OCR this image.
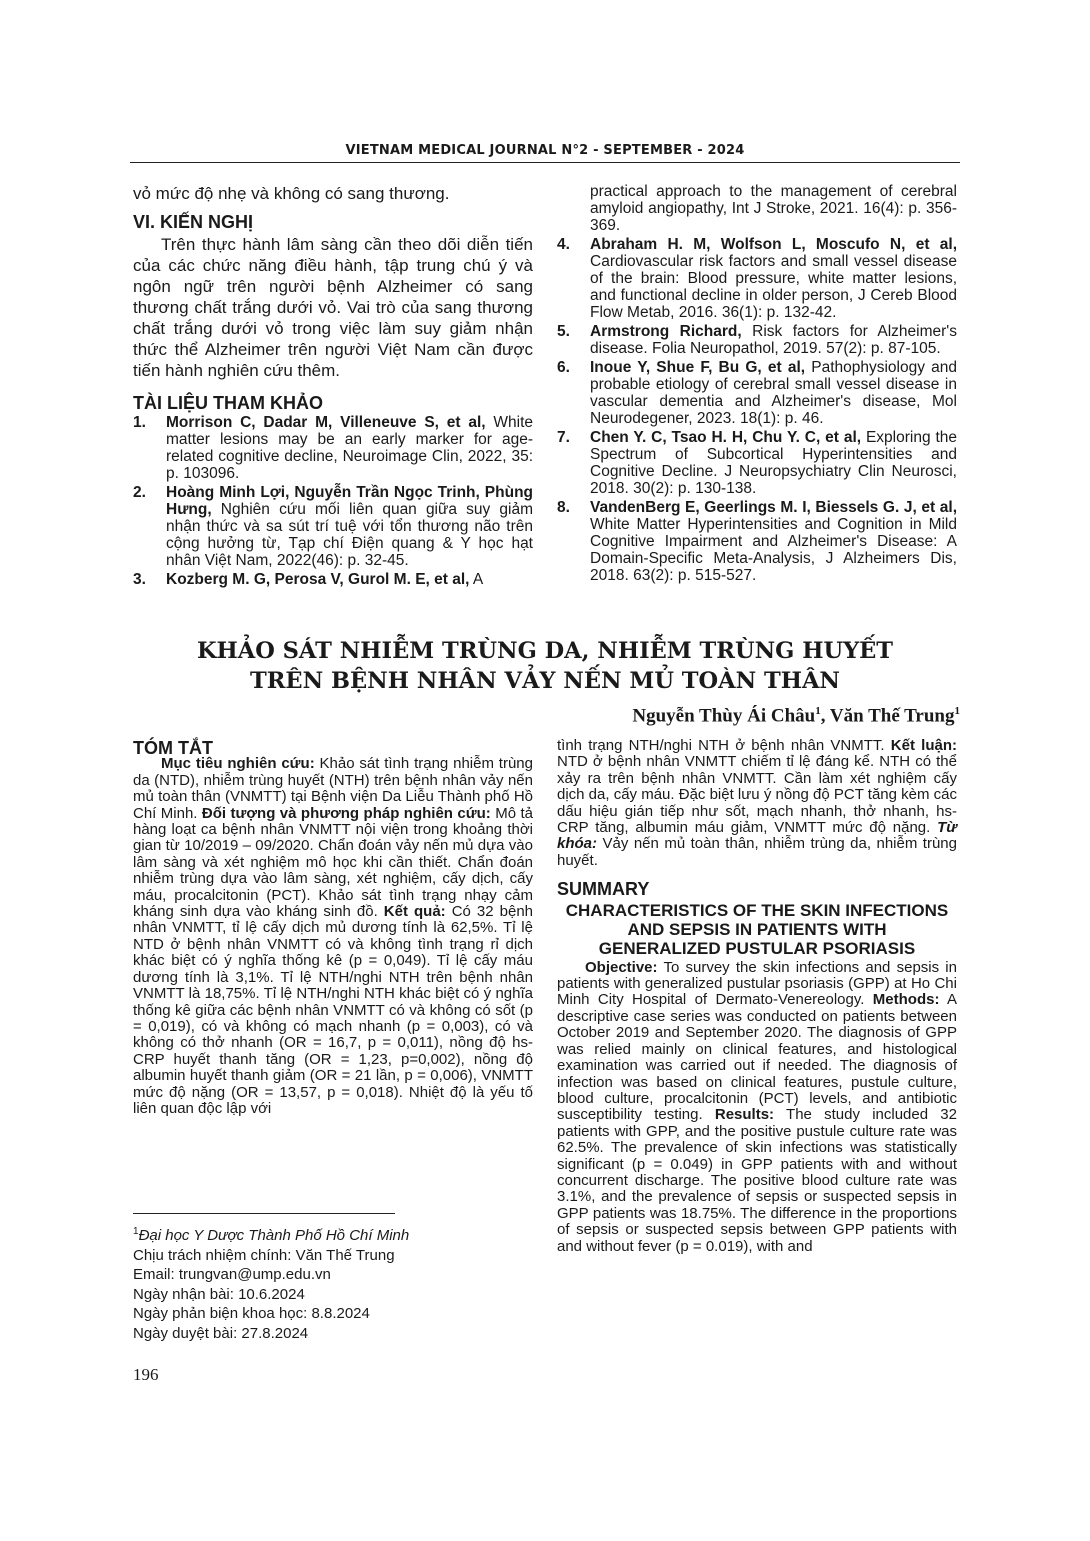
VIETNAM MEDICAL JOURNAL N°2 - SEPTEMBER - 2024

vỏ mức độ nhẹ và không có sang thương.

VI. KIẾN NGHỊ

Trên thực hành lâm sàng cần theo dõi diễn tiến của các chức năng điều hành, tập trung chú ý và ngôn ngữ trên người bệnh Alzheimer có sang thương chất trắng dưới vỏ. Vai trò của sang thương chất trắng dưới vỏ trong việc làm suy giảm nhận thức thể Alzheimer trên người Việt Nam cần được tiến hành nghiên cứu thêm.

TÀI LIỆU THAM KHẢO

1. Morrison C, Dadar M, Villeneuve S, et al, White matter lesions may be an early marker for age-related cognitive decline, Neuroimage Clin, 2022, 35: p. 103096.
2. Hoàng Minh Lợi, Nguyễn Trần Ngọc Trinh, Phùng Hưng, Nghiên cứu mối liên quan giữa suy giảm nhận thức và sa sút trí tuệ với tổn thương não trên cộng hưởng từ, Tạp chí Điện quang & Y học hạt nhân Việt Nam, 2022(46): p. 32-45.
3. Kozberg M. G, Perosa V, Gurol M. E, et al, A
practical approach to the management of cerebral amyloid angiopathy, Int J Stroke, 2021. 16(4): p. 356-369.
4. Abraham H. M, Wolfson L, Moscufo N, et al, Cardiovascular risk factors and small vessel disease of the brain: Blood pressure, white matter lesions, and functional decline in older person, J Cereb Blood Flow Metab, 2016. 36(1): p. 132-42.
5. Armstrong Richard, Risk factors for Alzheimer's disease. Folia Neuropathol, 2019. 57(2): p. 87-105.
6. Inoue Y, Shue F, Bu G, et al, Pathophysiology and probable etiology of cerebral small vessel disease in vascular dementia and Alzheimer's disease, Mol Neurodegener, 2023. 18(1): p. 46.
7. Chen Y. C, Tsao H. H, Chu Y. C, et al, Exploring the Spectrum of Subcortical Hyperintensities and Cognitive Decline. J Neuropsychiatry Clin Neurosci, 2018. 30(2): p. 130-138.
8. VandenBerg E, Geerlings M. I, Biessels G. J, et al, White Matter Hyperintensities and Cognition in Mild Cognitive Impairment and Alzheimer's Disease: A Domain-Specific Meta-Analysis, J Alzheimers Dis, 2018. 63(2): p. 515-527.
KHẢO SÁT NHIỄM TRÙNG DA, NHIỄM TRÙNG HUYẾT
TRÊN BỆNH NHÂN VẢY NẾN MỦ TOÀN THÂN
Nguyễn Thùy Ái Châu$^1$, Văn Thế Trung$^1$

TÓM TẮT

Mục tiêu nghiên cứu: Khảo sát tình trạng nhiễm trùng da (NTD), nhiễm trùng huyết (NTH) trên bệnh nhân vảy nến mủ toàn thân (VNMTT) tại Bệnh viện Da Liễu Thành phố Hồ Chí Minh. Đối tượng và phương pháp nghiên cứu: Mô tả hàng loạt ca bệnh nhân VNMTT nội viện trong khoảng thời gian từ 10/2019 – 09/2020. Chẩn đoán vảy nến mủ dựa vào lâm sàng và xét nghiệm mô học khi cần thiết. Chẩn đoán nhiễm trùng dựa vào lâm sàng, xét nghiệm, cấy dịch, cấy máu, procalcitonin (PCT). Khảo sát tình trạng nhạy cảm kháng sinh dựa vào kháng sinh đồ. Kết quả: Có 32 bệnh nhân VNMTT, tỉ lệ cấy dịch mủ dương tính là 62,5%. Tỉ lệ NTD ở bệnh nhân VNMTT có và không tình trạng rỉ dịch khác biệt có ý nghĩa thống kê (p = 0,049). Tỉ lệ cấy máu dương tính là 3,1%. Tỉ lệ NTH/nghi NTH trên bệnh nhân VNMTT là 18,75%. Tỉ lệ NTH/nghi NTH khác biệt có ý nghĩa thống kê giữa các bệnh nhân VNMTT có và không có sốt (p = 0,019), có và không có mạch nhanh (p = 0,003), có và không có thở nhanh (OR = 16,7, p = 0,011), nồng độ hs-CRP huyết thanh tăng (OR = 1,23, p=0,002), nồng độ albumin huyết thanh giảm (OR = 21 lần, p = 0,006), VNMTT mức độ nặng (OR = 13,57, p = 0,018). Nhiệt độ là yếu tố liên quan độc lập với

tình trạng NTH/nghi NTH ở bệnh nhân VNMTT. Kết luận: NTD ở bệnh nhân VNMTT chiếm tỉ lệ đáng kể. NTH có thể xảy ra trên bệnh nhân VNMTT. Cần làm xét nghiệm cấy dịch da, cấy máu. Đặc biệt lưu ý nồng độ PCT tăng kèm các dấu hiệu gián tiếp như sốt, mạch nhanh, thở nhanh, hs-CRP tăng, albumin máu giảm, VNMTT mức độ nặng. Từ khóa: Vảy nến mủ toàn thân, nhiễm trùng da, nhiễm trùng huyết.

SUMMARY

CHARACTERISTICS OF THE SKIN INFECTIONS
AND SEPSIS IN PATIENTS WITH
GENERALIZED PUSTULAR PSORIASIS

Objective: To survey the skin infections and sepsis in patients with generalized pustular psoriasis (GPP) at Ho Chi Minh City Hospital of Dermato-Venereology. Methods: A descriptive case series was conducted on patients between October 2019 and September 2020. The diagnosis of GPP was relied mainly on clinical features, and histological examination was carried out if needed. The diagnosis of infection was based on clinical features, pustule culture, blood culture, procalcitonin (PCT) levels, and antibiotic susceptibility testing. Results: The study included 32 patients with GPP, and the positive pustule culture rate was 62.5%. The prevalence of skin infections was statistically significant (p = 0.049) in GPP patients with and without concurrent discharge. The positive blood culture rate was 3.1%, and the prevalence of sepsis or suspected sepsis in GPP patients was 18.75%. The difference in the proportions of sepsis or suspected sepsis between GPP patients with and without fever (p = 0.019), with and

$^1$Đại học Y Dược Thành Phố Hồ Chí Minh
Chịu trách nhiệm chính: Văn Thế Trung
Email: trungvan@ump.edu.vn
Ngày nhận bài: 10.6.2024
Ngày phản biện khoa học: 8.8.2024
Ngày duyệt bài: 27.8.2024
196
